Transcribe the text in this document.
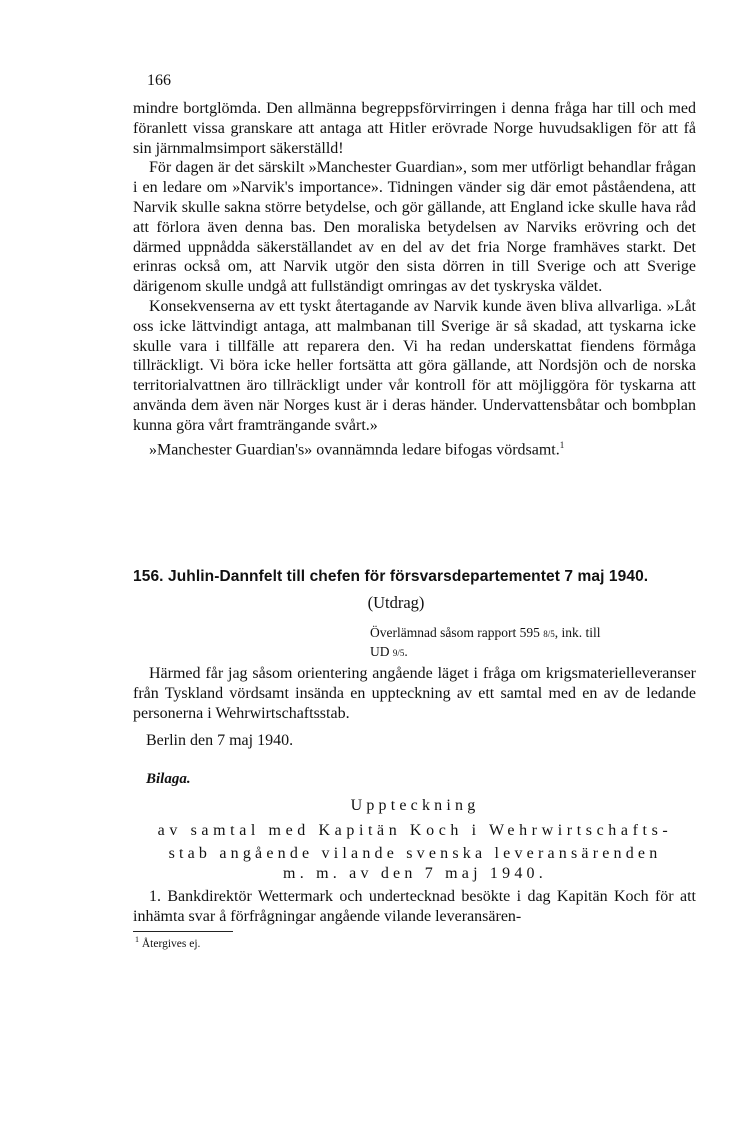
166

mindre bortglömda. Den allmänna begreppsförvirringen i denna fråga har till och med föranlett vissa granskare att antaga att Hitler erövrade Norge huvudsakligen för att få sin järnmalmsimport säkerställd!

För dagen är det särskilt »Manchester Guardian», som mer utförligt behandlar frågan i en ledare om »Narvik's importance». Tidningen vänder sig där emot påståendena, att Narvik skulle sakna större betydelse, och gör gällande, att England icke skulle hava råd att förlora även denna bas. Den moraliska betydelsen av Narviks erövring och det därmed uppnådda säkerställandet av en del av det fria Norge framhäves starkt. Det erinras också om, att Narvik utgör den sista dörren in till Sverige och att Sverige därigenom skulle undgå att fullständigt omringas av det tyskryska väldet.

Konsekvenserna av ett tyskt återtagande av Narvik kunde även bliva allvarliga. »Låt oss icke lättvindigt antaga, att malmbanan till Sverige är så skadad, att tyskarna icke skulle vara i tillfälle att reparera den. Vi ha redan underskattat fiendens förmåga tillräckligt. Vi böra icke heller fortsätta att göra gällande, att Nordsjön och de norska territorialvattnen äro tillräckligt under vår kontroll för att möjliggöra för tyskarna att använda dem även när Norges kust är i deras händer. Undervattensbåtar och bombplan kunna göra vårt framträngande svårt.»

»Manchester Guardian's» ovannämnda ledare bifogas vördsamt.$^1$

156. Juhlin-Dannfelt till chefen för försvarsdepartementet 7 maj 1940.
(Utdrag)
Överlämnad såsom rapport 595 8/5, ink. till
UD 9/5.

Härmed får jag såsom orientering angående läget i fråga om krigsmaterielleveranser från Tyskland vördsamt insända en uppteckning av ett samtal med en av de ledande personerna i Wehrwirtschaftsstab.

Berlin den 7 maj 1940.
Bilaga.
Uppteckning
av samtal med Kapitän Koch i Wehrwirtschafts-
stab angående vilande svenska leveransärenden
m. m. av den 7 maj 1940.

1. Bankdirektör Wettermark och undertecknad besökte i dag Kapitän Koch för att inhämta svar å förfrågningar angående vilande leveransären-

$^1$ Återgives ej.
